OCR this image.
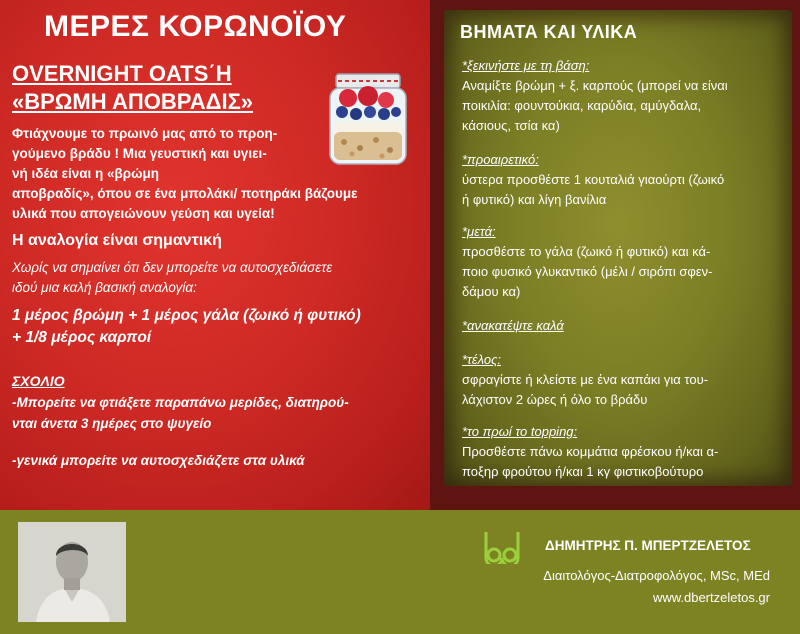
ΜΕΡΕΣ ΚΟΡΩΝΟΪΟΥ
OVERNIGHT OATS΄Η
«ΒΡΩΜΗ ΑΠΟΒΡΑΔΙΣ»
Φτιάχνουμε το πρωινό μας από το προη-
γούμενο βράδυ ! Μια γευστική και υγιει-
νή ιδέα είναι η «βρώμη
αποβραδίς», όπου σε ένα μπολάκι/ ποτηράκι βάζουμε
υλικά που απογειώνουν γεύση και υγεία!
Η αναλογία είναι σημαντική
Χωρίς να σημαίνει ότι δεν μπορείτε να αυτοσχεδιάσετε
ιδού μια καλή βασική αναλογία:
1 μέρος βρώμη + 1 μέρος γάλα (ζωικό ή φυτικό)
+ 1/8 μέρος καρποί
ΣΧΟΛΙΟ
-Μπορείτε να φτιάξετε παραπάνω μερίδες, διατηρού-
νται άνετα 3 ημέρες στο ψυγείο
-γενικά μπορείτε να αυτοσχεδιάζετε στα υλικά
ΒΗΜΑΤΑ ΚΑΙ ΥΛΙΚΑ
*ξεκινήστε με τη βάση:
Αναμίξτε βρώμη + ξ. καρπούς (μπορεί να είναι
ποικιλία: φουντούκια, καρύδια, αμύγδαλα,
κάσιους, τσία κα)
*προαιρετικό:
ύστερα προσθέστε 1 κουταλιά γιαούρτι (ζωικό
ή φυτικό) και λίγη βανίλια
*μετά:
προσθέστε το γάλα (ζωικό ή φυτικό) και κά-
ποιο φυσικό γλυκαντικό (μέλι / σιρόπι σφεν-
δάμου κα)
*ανακατέψτε καλά
*τέλος:
σφραγίστε ή κλείστε με ένα καπάκι για του-
λάχιστον 2 ώρες ή όλο το βράδυ
*το πρωί το topping:
Προσθέστε πάνω κομμάτια φρέσκου ή/και α-
ποξηρ φρούτου ή/και 1 κγ φιστικοβούτυρο
ΔΗΜΗΤΡΗΣ Π. ΜΠΕΡΤΖΕΛΕΤΟΣ
Διαιτολόγος-Διατροφολόγος, MSc, MEd
www.dbertzeletos.gr
